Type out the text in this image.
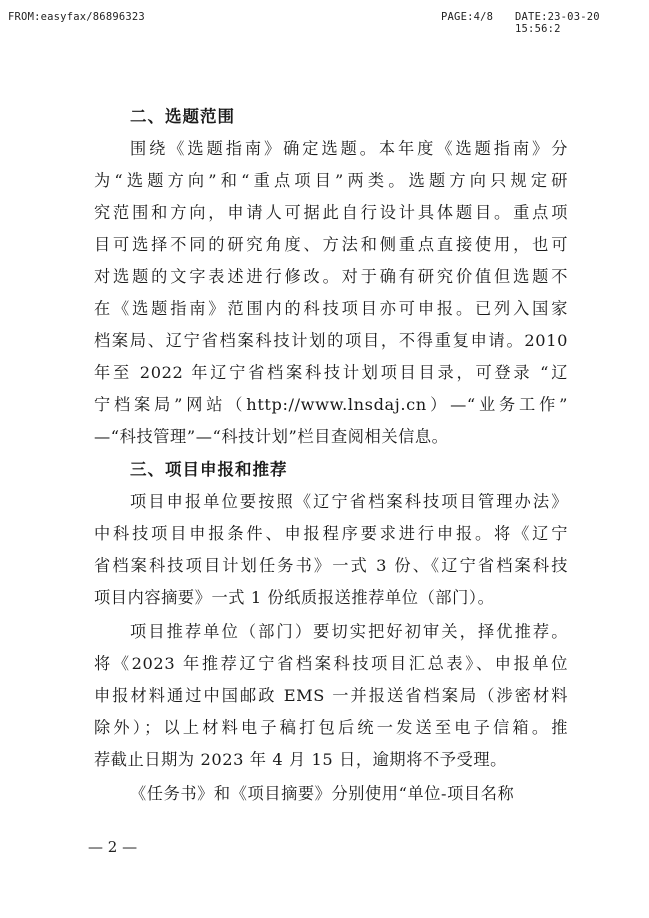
FROM:easyfax/86896323	PAGE:4/8 DATE:23-03-20 15:56:2
二、选题范围
围绕《选题指南》确定选题。本年度《选题指南》分
为“选题方向”和“重点项目”两类。选题方向只规定研
究范围和方向，申请人可据此自行设计具体题目。重点项
目可选择不同的研究角度、方法和侧重点直接使用，也可
对选题的文字表述进行修改。对于确有研究价值但选题不
在《选题指南》范围内的科技项目亦可申报。已列入国家
档案局、辽宁省档案科技计划的项目，不得重复申请。2010
年至 2022 年辽宁省档案科技计划项目目录，可登录 “辽
宁档案局”网站（http://www.lnsdaj.cn）—“业务工作”
—“科技管理”—“科技计划”栏目查阅相关信息。
三、项目申报和推荐
项目申报单位要按照《辽宁省档案科技项目管理办法》
中科技项目申报条件、申报程序要求进行申报。将《辽宁
省档案科技项目计划任务书》一式 3 份、《辽宁省档案科技
项目内容摘要》一式 1 份纸质报送推荐单位（部门）。
项目推荐单位（部门）要切实把好初审关，择优推荐。
将《2023 年推荐辽宁省档案科技项目汇总表》、申报单位
申报材料通过中国邮政 EMS 一并报送省档案局（涉密材料
除外）；以上材料电子稿打包后统一发送至电子信箱。推
荐截止日期为 2023 年 4 月 15 日，逾期将不予受理。
《任务书》和《项目摘要》分别使用“单位-项目名称
— 2 —
